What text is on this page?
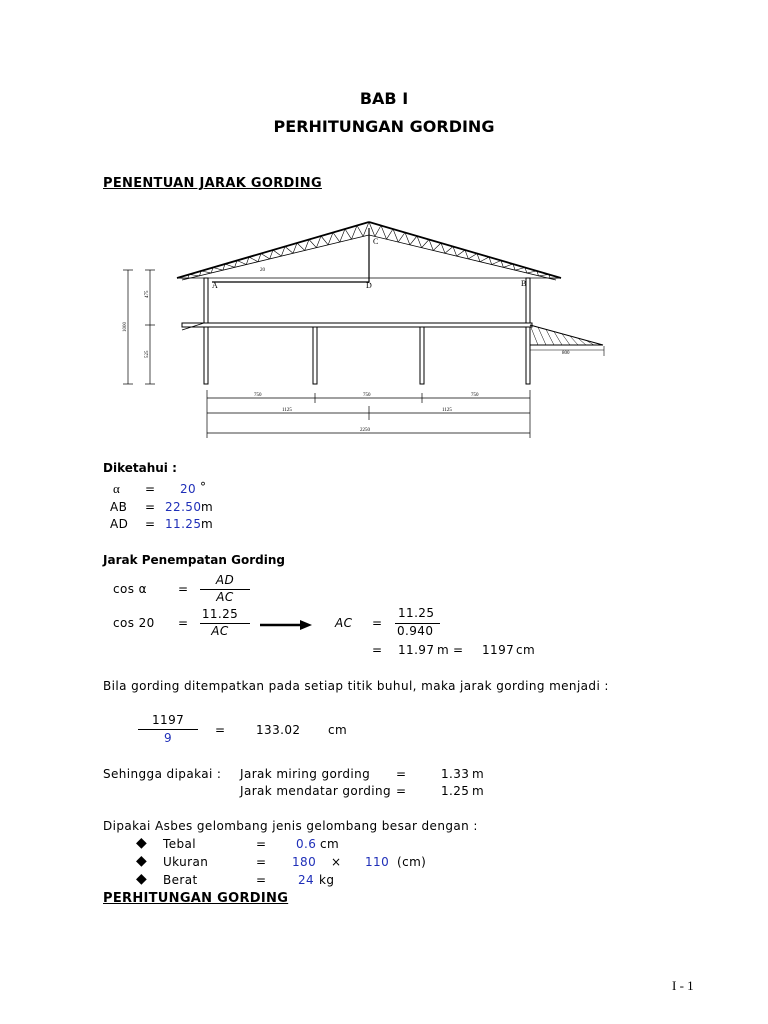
BAB I
PERHITUNGAN GORDING
PENENTUAN JARAK GORDING
C
A	D	B
20
475
1000
525	800
750	750	750
1125	1125
2250
Diketahui :
α = 20 °
AB = 22.50 m
AD = 11.25 m
Jarak Penempatan Gording
cos α	=
AD
AC
cos 20 =
11.25
AC
AC =
11.25
0.940
= 11.97 m = 1197 cm
Bila gording ditempatkan pada setiap titik buhul, maka jarak gording menjadi :
1197
9
=	133.02 cm
Sehingga dipakai : Jarak miring gording =	1.33 m
Jarak mendatar gording =	1.25 m
Dipakai Asbes gelombang jenis gelombang besar dengan :
◆ Tebal	= 0.6 cm
◆ Ukuran	= 180 × 110 (cm)
◆ Berat	=	24 kg
PERHITUNGAN GORDING
I - 1
